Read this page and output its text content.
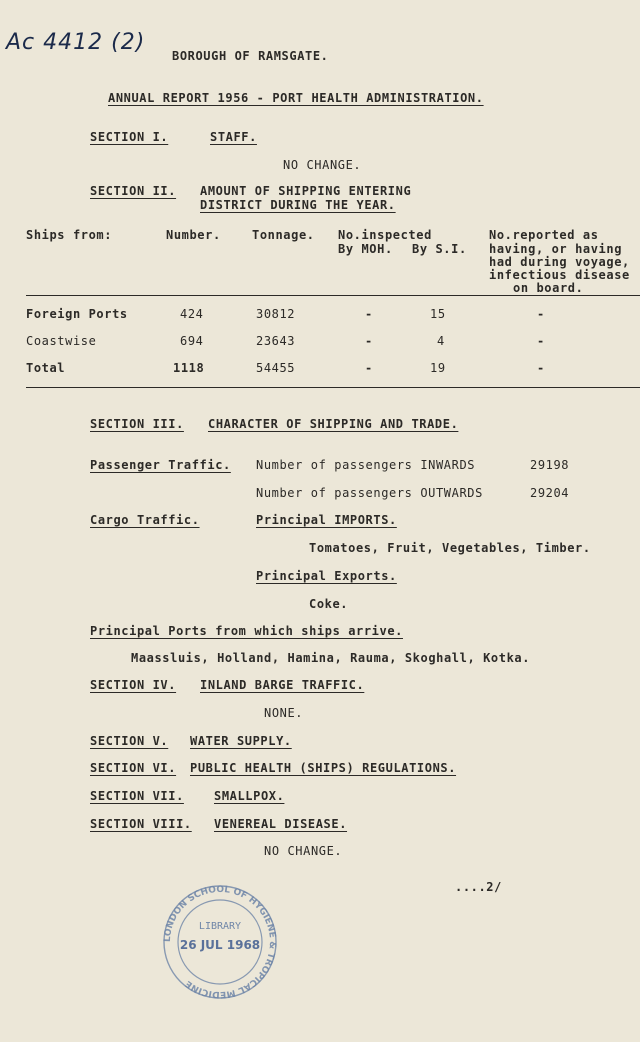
Ac 4412 (2)
BOROUGH OF RAMSGATE.
ANNUAL REPORT 1956 - PORT HEALTH ADMINISTRATION.
SECTION I.	STAFF.
NO CHANGE.
SECTION II. AMOUNT OF SHIPPING ENTERING
DISTRICT DURING THE YEAR.
Ships from:	Number.	Tonnage. No.inspected
By MOH. By S.I.
No.reported as
having, or having
had during voyage,
infectious disease
on board.
Foreign Ports	424	30812	-	15	-
Coastwise	694	23643	-	4	-
Total	1118	54455	-	19	-
SECTION III. CHARACTER OF SHIPPING AND TRADE.
Passenger Traffic. Number of passengers INWARDS	29198
Number of passengers OUTWARDS	29204
Cargo Traffic.	Principal IMPORTS.
Tomatoes, Fruit, Vegetables, Timber.
Principal Exports.
Coke.
Principal Ports from which ships arrive.
Maassluis, Holland, Hamina, Rauma, Skoghall, Kotka.
SECTION IV. INLAND BARGE TRAFFIC.
NONE.
SECTION V. WATER SUPPLY.
SECTION VI. PUBLIC HEALTH (SHIPS) REGULATIONS.
SECTION VII.	SMALLPOX.
SECTION VIII. VENEREAL DISEASE.
NO CHANGE.
....2/
LONDON SCHOOL OF HYGIENE & TROPICAL MEDICINE
LIBRARY
26 JUL 1968
